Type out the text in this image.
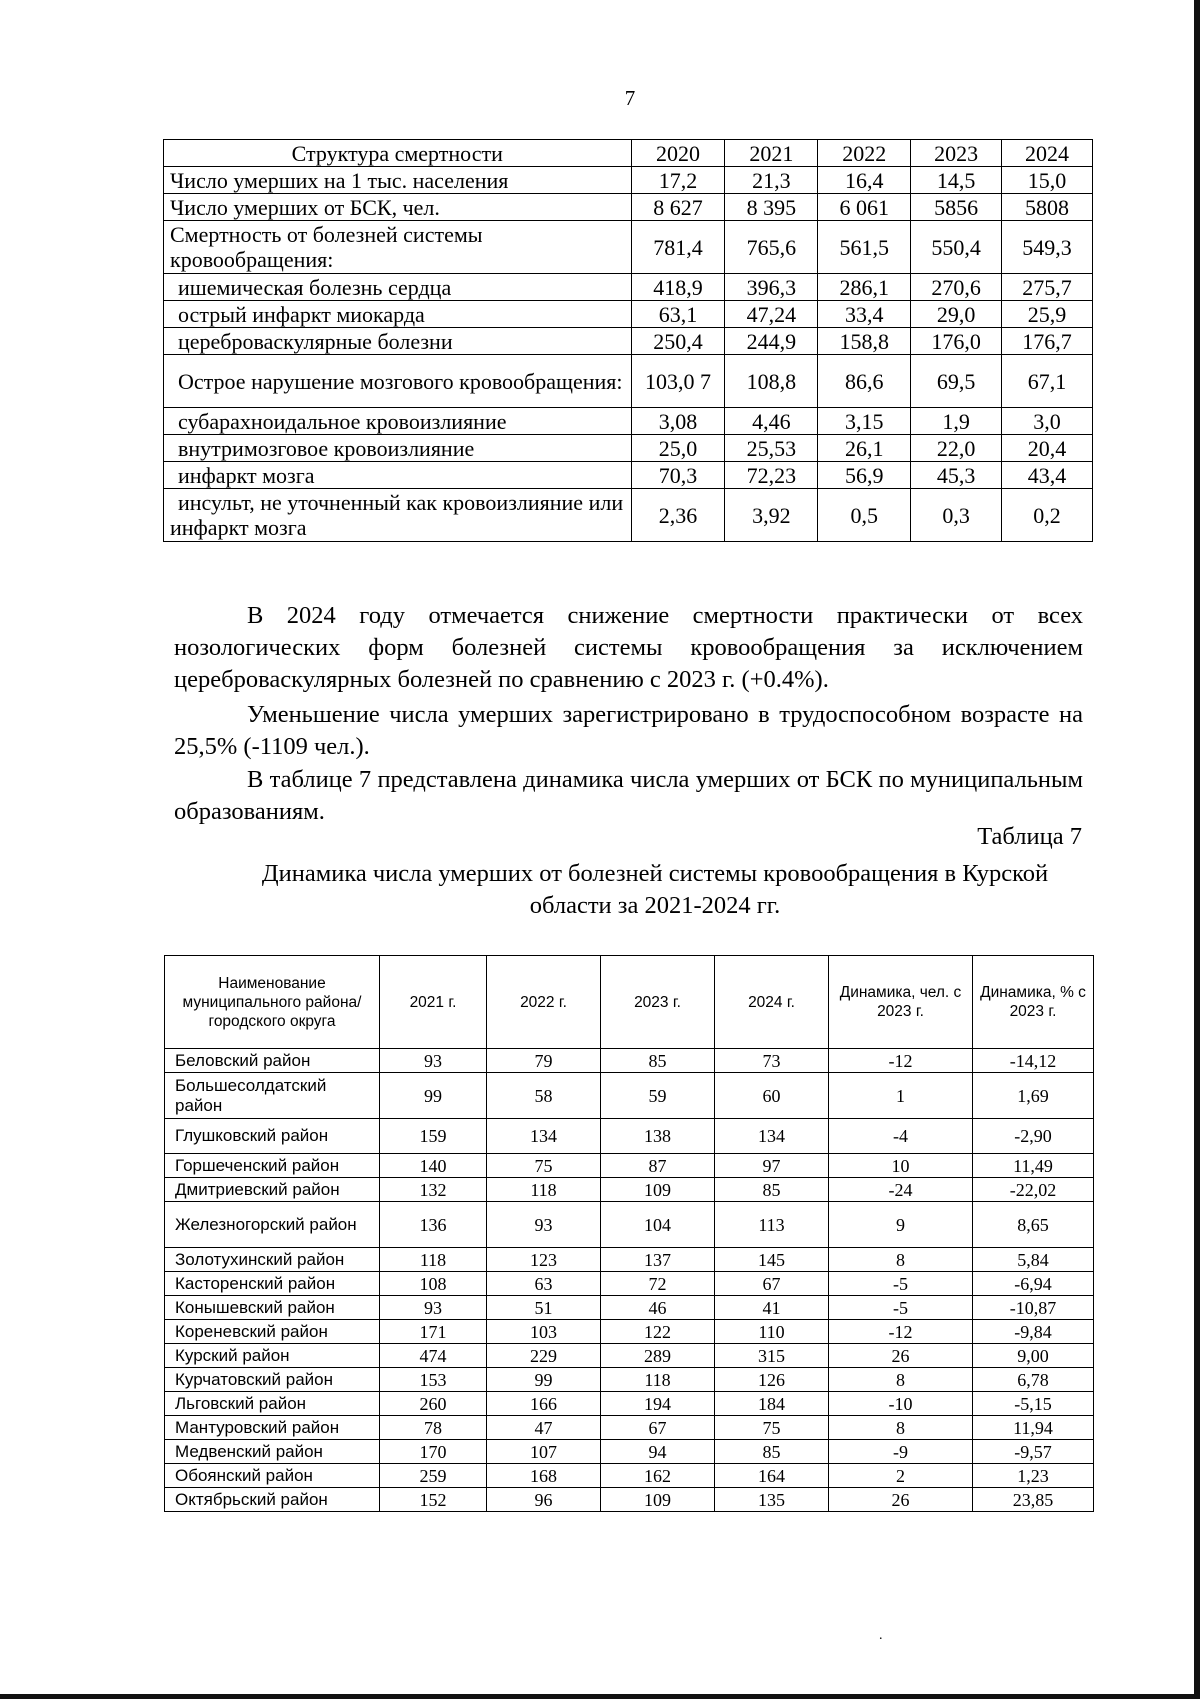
7
Структура смертности	2020	2021	2022	2023	2024
Число умерших на 1 тыс. населения	17,2	21,3	16,4	14,5	15,0
Число умерших от БСК, чел.	8 627	8 395	6 061	5856	5808
Смертность от болезней системы кровообращения:	781,4	765,6	561,5	550,4	549,3
ишемическая болезнь сердца	418,9	396,3	286,1	270,6	275,7
острый инфаркт миокарда	63,1	47,24	33,4	29,0	25,9
цереброваскулярные болезни	250,4	244,9	158,8	176,0	176,7
Острое нарушение мозгового кровообращения:	103,0 7	108,8	86,6	69,5	67,1
субарахноидальное кровоизлияние	3,08	4,46	3,15	1,9	3,0
внутримозговое кровоизлияние	25,0	25,53	26,1	22,0	20,4
инфаркт мозга	70,3	72,23	56,9	45,3	43,4
инсульт, не уточненный как кровоизлияние или инфаркт мозга	2,36	3,92	0,5	0,3	0,2

В 2024 году отмечается снижение смертности практически от всех нозологических форм болезней системы кровообращения за исключением цереброваскулярных болезней по сравнению с 2023 г. (+0.4%).

Уменьшение числа умерших зарегистрировано в трудоспособном возрасте на 25,5% (-1109 чел.).

В таблице 7 представлена динамика числа умерших от БСК по муниципальным образованиям.

Таблица 7
Динамика числа умерших от болезней системы кровообращения в Курской области за 2021-2024 гг.
Наименование муниципального района/ городского округа	2021 г.	2022 г.	2023 г.	2024 г.	Динамика, чел. с 2023 г.	Динамика, % с 2023 г.
Беловский район	93	79	85	73	-12	-14,12
Большесолдатский район	99	58	59	60	1	1,69
Глушковский район	159	134	138	134	-4	-2,90
Горшеченский район	140	75	87	97	10	11,49
Дмитриевский район	132	118	109	85	-24	-22,02
Железногорский район	136	93	104	113	9	8,65
Золотухинский район	118	123	137	145	8	5,84
Касторенский район	108	63	72	67	-5	-6,94
Конышевский район	93	51	46	41	-5	-10,87
Кореневский район	171	103	122	110	-12	-9,84
Курский район	474	229	289	315	26	9,00
Курчатовский район	153	99	118	126	8	6,78
Льговский район	260	166	194	184	-10	-5,15
Мантуровский район	78	47	67	75	8	11,94
Медвенский район	170	107	94	85	-9	-9,57
Обоянский район	259	168	162	164	2	1,23
Октябрьский район	152	96	109	135	26	23,85
.
